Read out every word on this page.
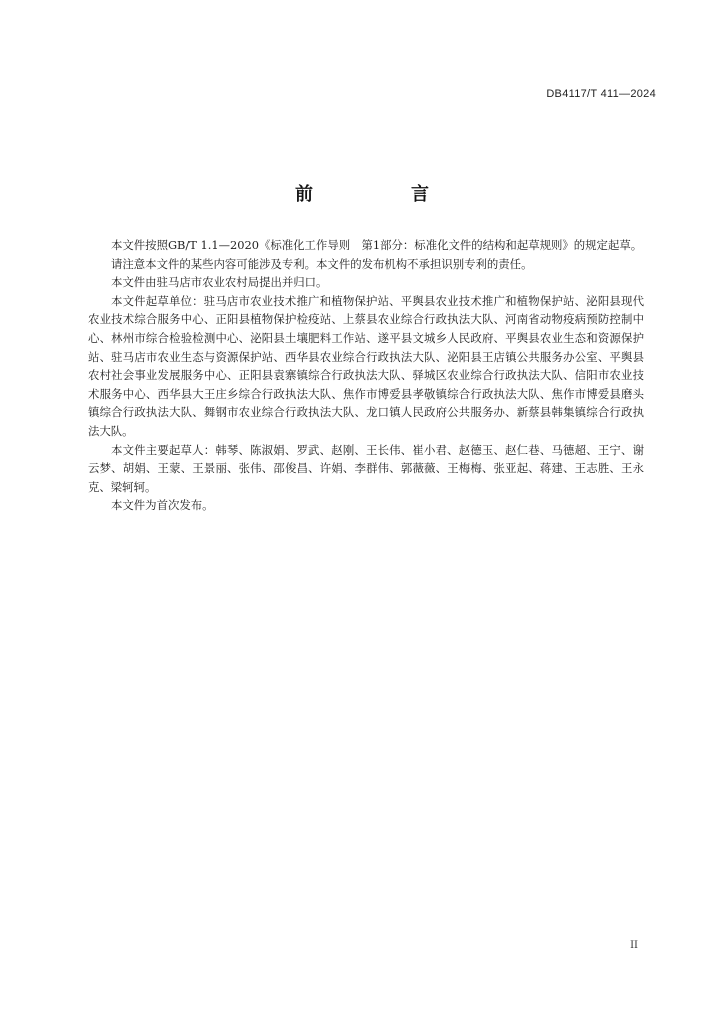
DB4117/T 411—2024
前　言

本文件按照GB/T 1.1—2020《标准化工作导则　第1部分：标准化文件的结构和起草规则》的规定起草。

请注意本文件的某些内容可能涉及专利。本文件的发布机构不承担识别专利的责任。

本文件由驻马店市农业农村局提出并归口。

本文件起草单位：驻马店市农业技术推广和植物保护站、平舆县农业技术推广和植物保护站、泌阳县现代农业技术综合服务中心、正阳县植物保护检疫站、上蔡县农业综合行政执法大队、河南省动物疫病预防控制中心、林州市综合检验检测中心、泌阳县土壤肥料工作站、遂平县文城乡人民政府、平舆县农业生态和资源保护站、驻马店市农业生态与资源保护站、西华县农业综合行政执法大队、泌阳县王店镇公共服务办公室、平舆县农村社会事业发展服务中心、正阳县袁寨镇综合行政执法大队、驿城区农业综合行政执法大队、信阳市农业技术服务中心、西华县大王庄乡综合行政执法大队、焦作市博爱县孝敬镇综合行政执法大队、焦作市博爱县磨头镇综合行政执法大队、舞钢市农业综合行政执法大队、龙口镇人民政府公共服务办、新蔡县韩集镇综合行政执法大队。

本文件主要起草人：韩琴、陈淑娟、罗武、赵刚、王长伟、崔小君、赵德玉、赵仁巷、马德超、王宁、谢云梦、胡娟、王蒙、王景丽、张伟、邵俊昌、许娟、李群伟、郭薇薇、王梅梅、张亚起、蒋建、王志胜、王永克、梁轲轲。

本文件为首次发布。

II
